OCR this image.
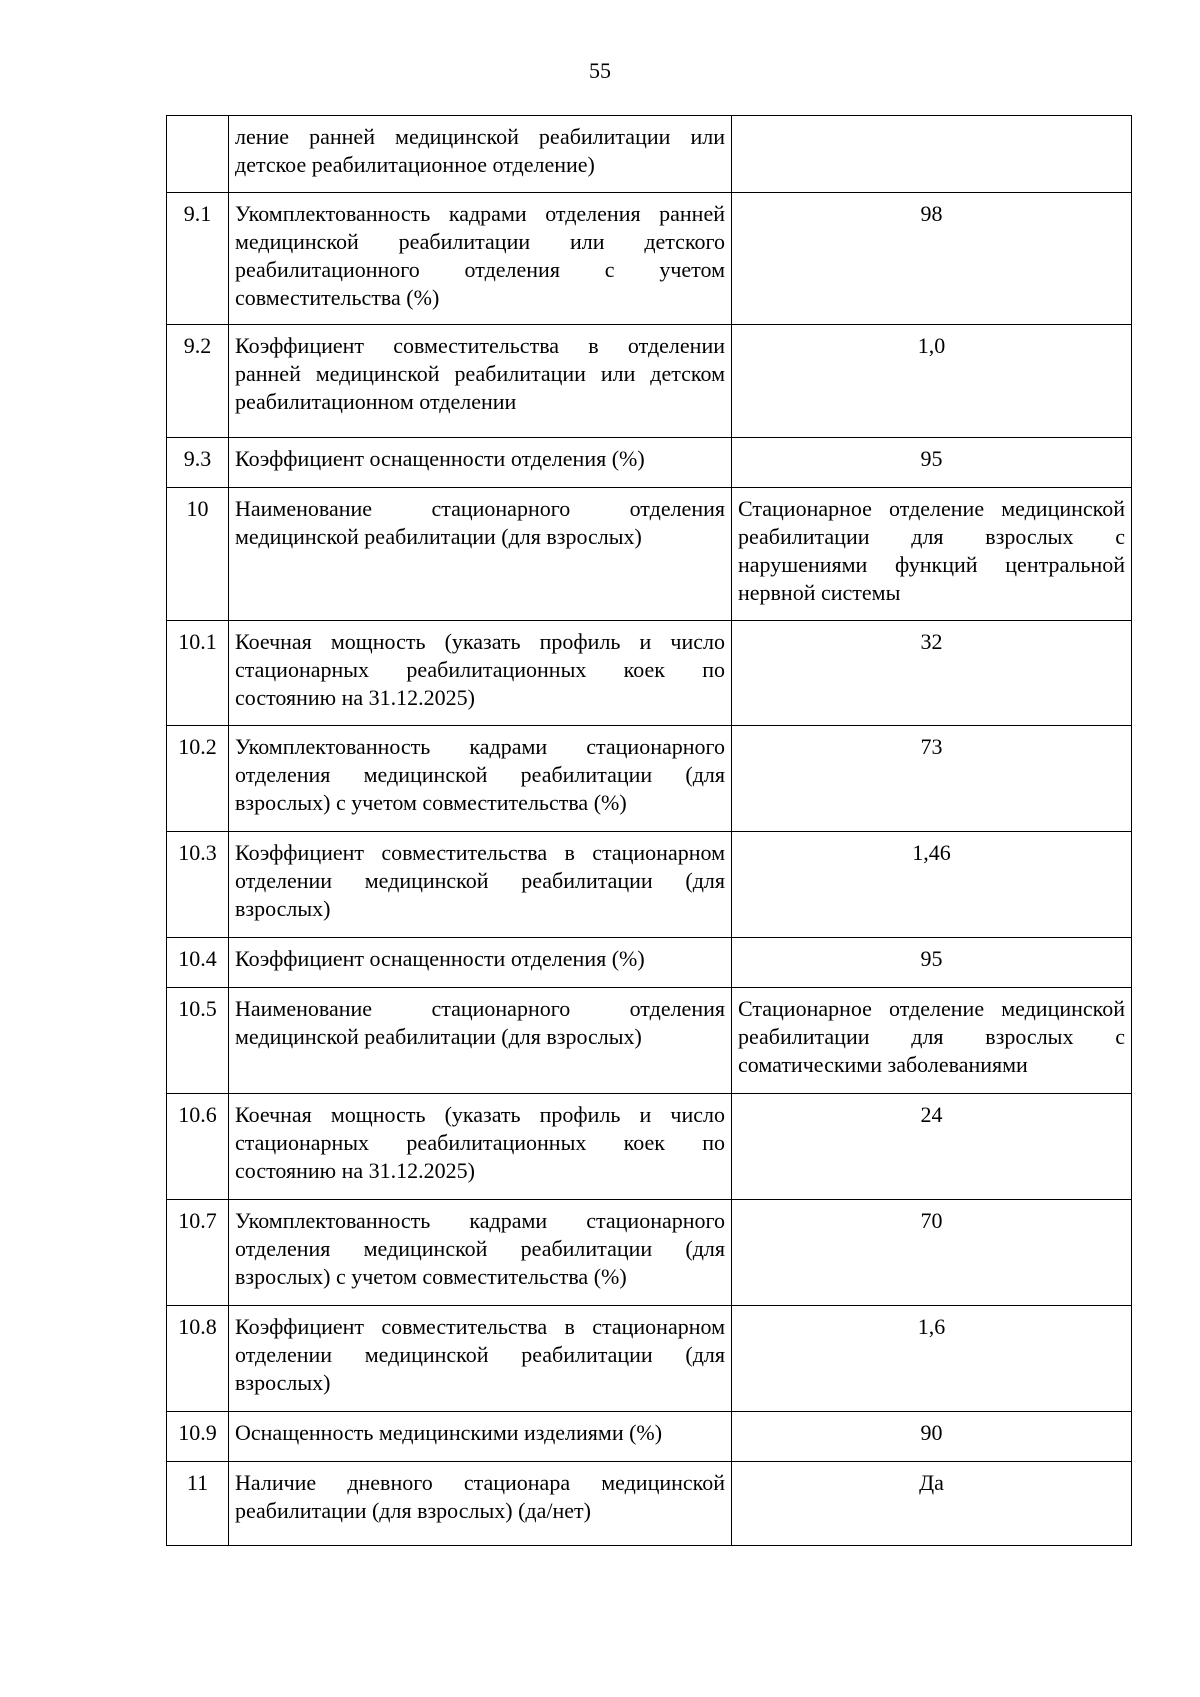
55
	ление ранней медицинской реабилитации или детское реабилитационное отделение)	
9.1	Укомплектованность кадрами отделения ранней медицинской реабилитации или детского реабилитационного отделения с учетом совместительства (%)	98
9.2	Коэффициент совместительства в отделении ранней медицинской реабилитации или детском реабилитационном отделении	1,0
9.3	Коэффициент оснащенности отделения (%)	95
10	Наименование стационарного отделения медицинской реабилитации (для взрослых)	Стационарное отделение медицинской реабилитации для взрослых с нарушениями функций центральной нервной системы
10.1	Коечная мощность (указать профиль и число стационарных реабилитационных коек по состоянию на 31.12.2025)	32
10.2	Укомплектованность кадрами стационарного отделения медицинской реабилитации (для взрослых) с учетом совместительства (%)	73
10.3	Коэффициент совместительства в стационарном отделении медицинской реабилитации (для взрослых)	1,46
10.4	Коэффициент оснащенности отделения (%)	95
10.5	Наименование стационарного отделения медицинской реабилитации (для взрослых)	Стационарное отделение медицинской реабилитации для взрослых с соматическими заболеваниями
10.6	Коечная мощность (указать профиль и число стационарных реабилитационных коек по состоянию на 31.12.2025)	24
10.7	Укомплектованность кадрами стационарного отделения медицинской реабилитации (для взрослых) с учетом совместительства (%)	70
10.8	Коэффициент совместительства в стационарном отделении медицинской реабилитации (для взрослых)	1,6
10.9	Оснащенность медицинскими изделиями (%)	90
11	Наличие дневного стационара медицинской реабилитации (для взрослых) (да/нет)	Да
